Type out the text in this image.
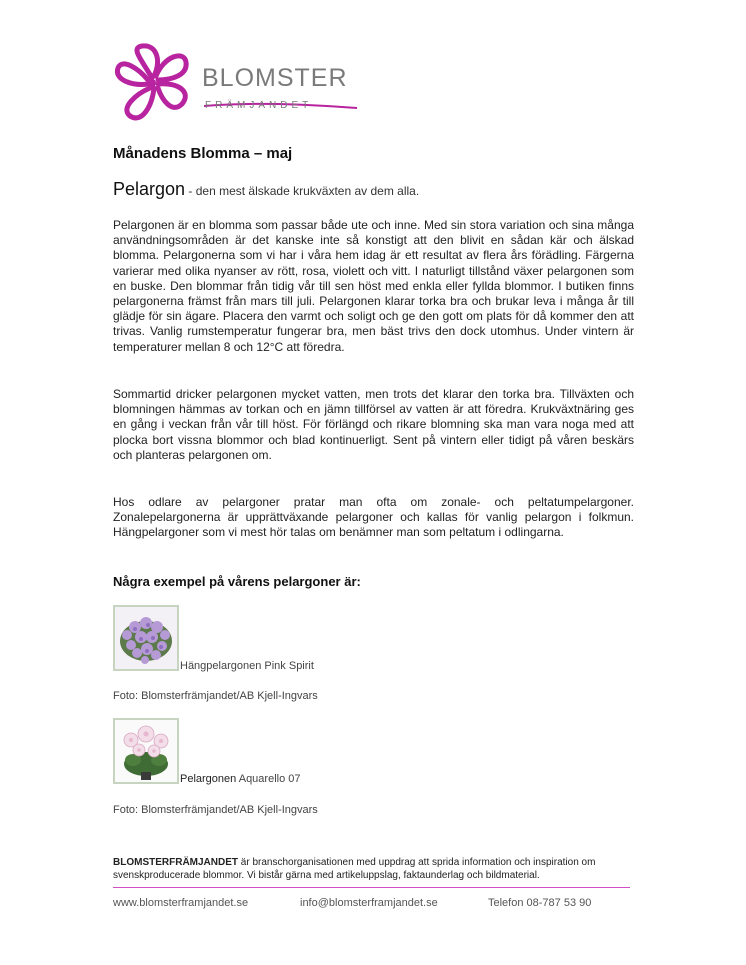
BLOMSTER
FRÄMJANDET
Månadens Blomma – maj
Pelargon - den mest älskade krukväxten av dem alla.
Pelargonen är en blomma som passar både ute och inne. Med sin stora variation och sina många användningsområden är det kanske inte så konstigt att den blivit en sådan kär och älskad blomma. Pelargonerna som vi har i våra hem idag är ett resultat av flera års förädling. Färgerna varierar med olika nyanser av rött, rosa, violett och vitt. I naturligt tillstånd växer pelargonen som en buske. Den blommar från tidig vår till sen höst med enkla eller fyllda blommor. I butiken finns pelargonerna främst från mars till juli. Pelargonen klarar torka bra och brukar leva i många år till glädje för sin ägare. Placera den varmt och soligt och ge den gott om plats för då kommer den att trivas. Vanlig rumstemperatur fungerar bra, men bäst trivs den dock utomhus. Under vintern är temperaturer mellan 8 och 12°C att föredra.
Sommartid dricker pelargonen mycket vatten, men trots det klarar den torka bra. Tillväxten och blomningen hämmas av torkan och en jämn tillförsel av vatten är att föredra. Krukväxtnäring ges en gång i veckan från vår till höst. För förlängd och rikare blomning ska man vara noga med att plocka bort vissna blommor och blad kontinuerligt. Sent på vintern eller tidigt på våren beskärs och planteras pelargonen om.
Hos odlare av pelargoner pratar man ofta om zonale- och peltatumpelargoner. Zonalepelargonerna är upprättväxande pelargoner och kallas för vanlig pelargon i folkmun. Hängpelargoner som vi mest hör talas om benämner man som peltatum i odlingarna.
Några exempel på vårens pelargoner är:
Hängpelargonen Pink Spirit
Foto: Blomsterfrämjandet/AB Kjell-Ingvars
Pelargonen Aquarello 07
Foto: Blomsterfrämjandet/AB Kjell-Ingvars
BLOMSTERFRÄMJANDET är branschorganisationen med uppdrag att sprida information och inspiration om svenskproducerade blommor. Vi bistår gärna med artikeluppslag, faktaunderlag och bildmaterial.
www.blomsterframjandet.se	info@blomsterframjandet.se	Telefon 08-787 53 90
